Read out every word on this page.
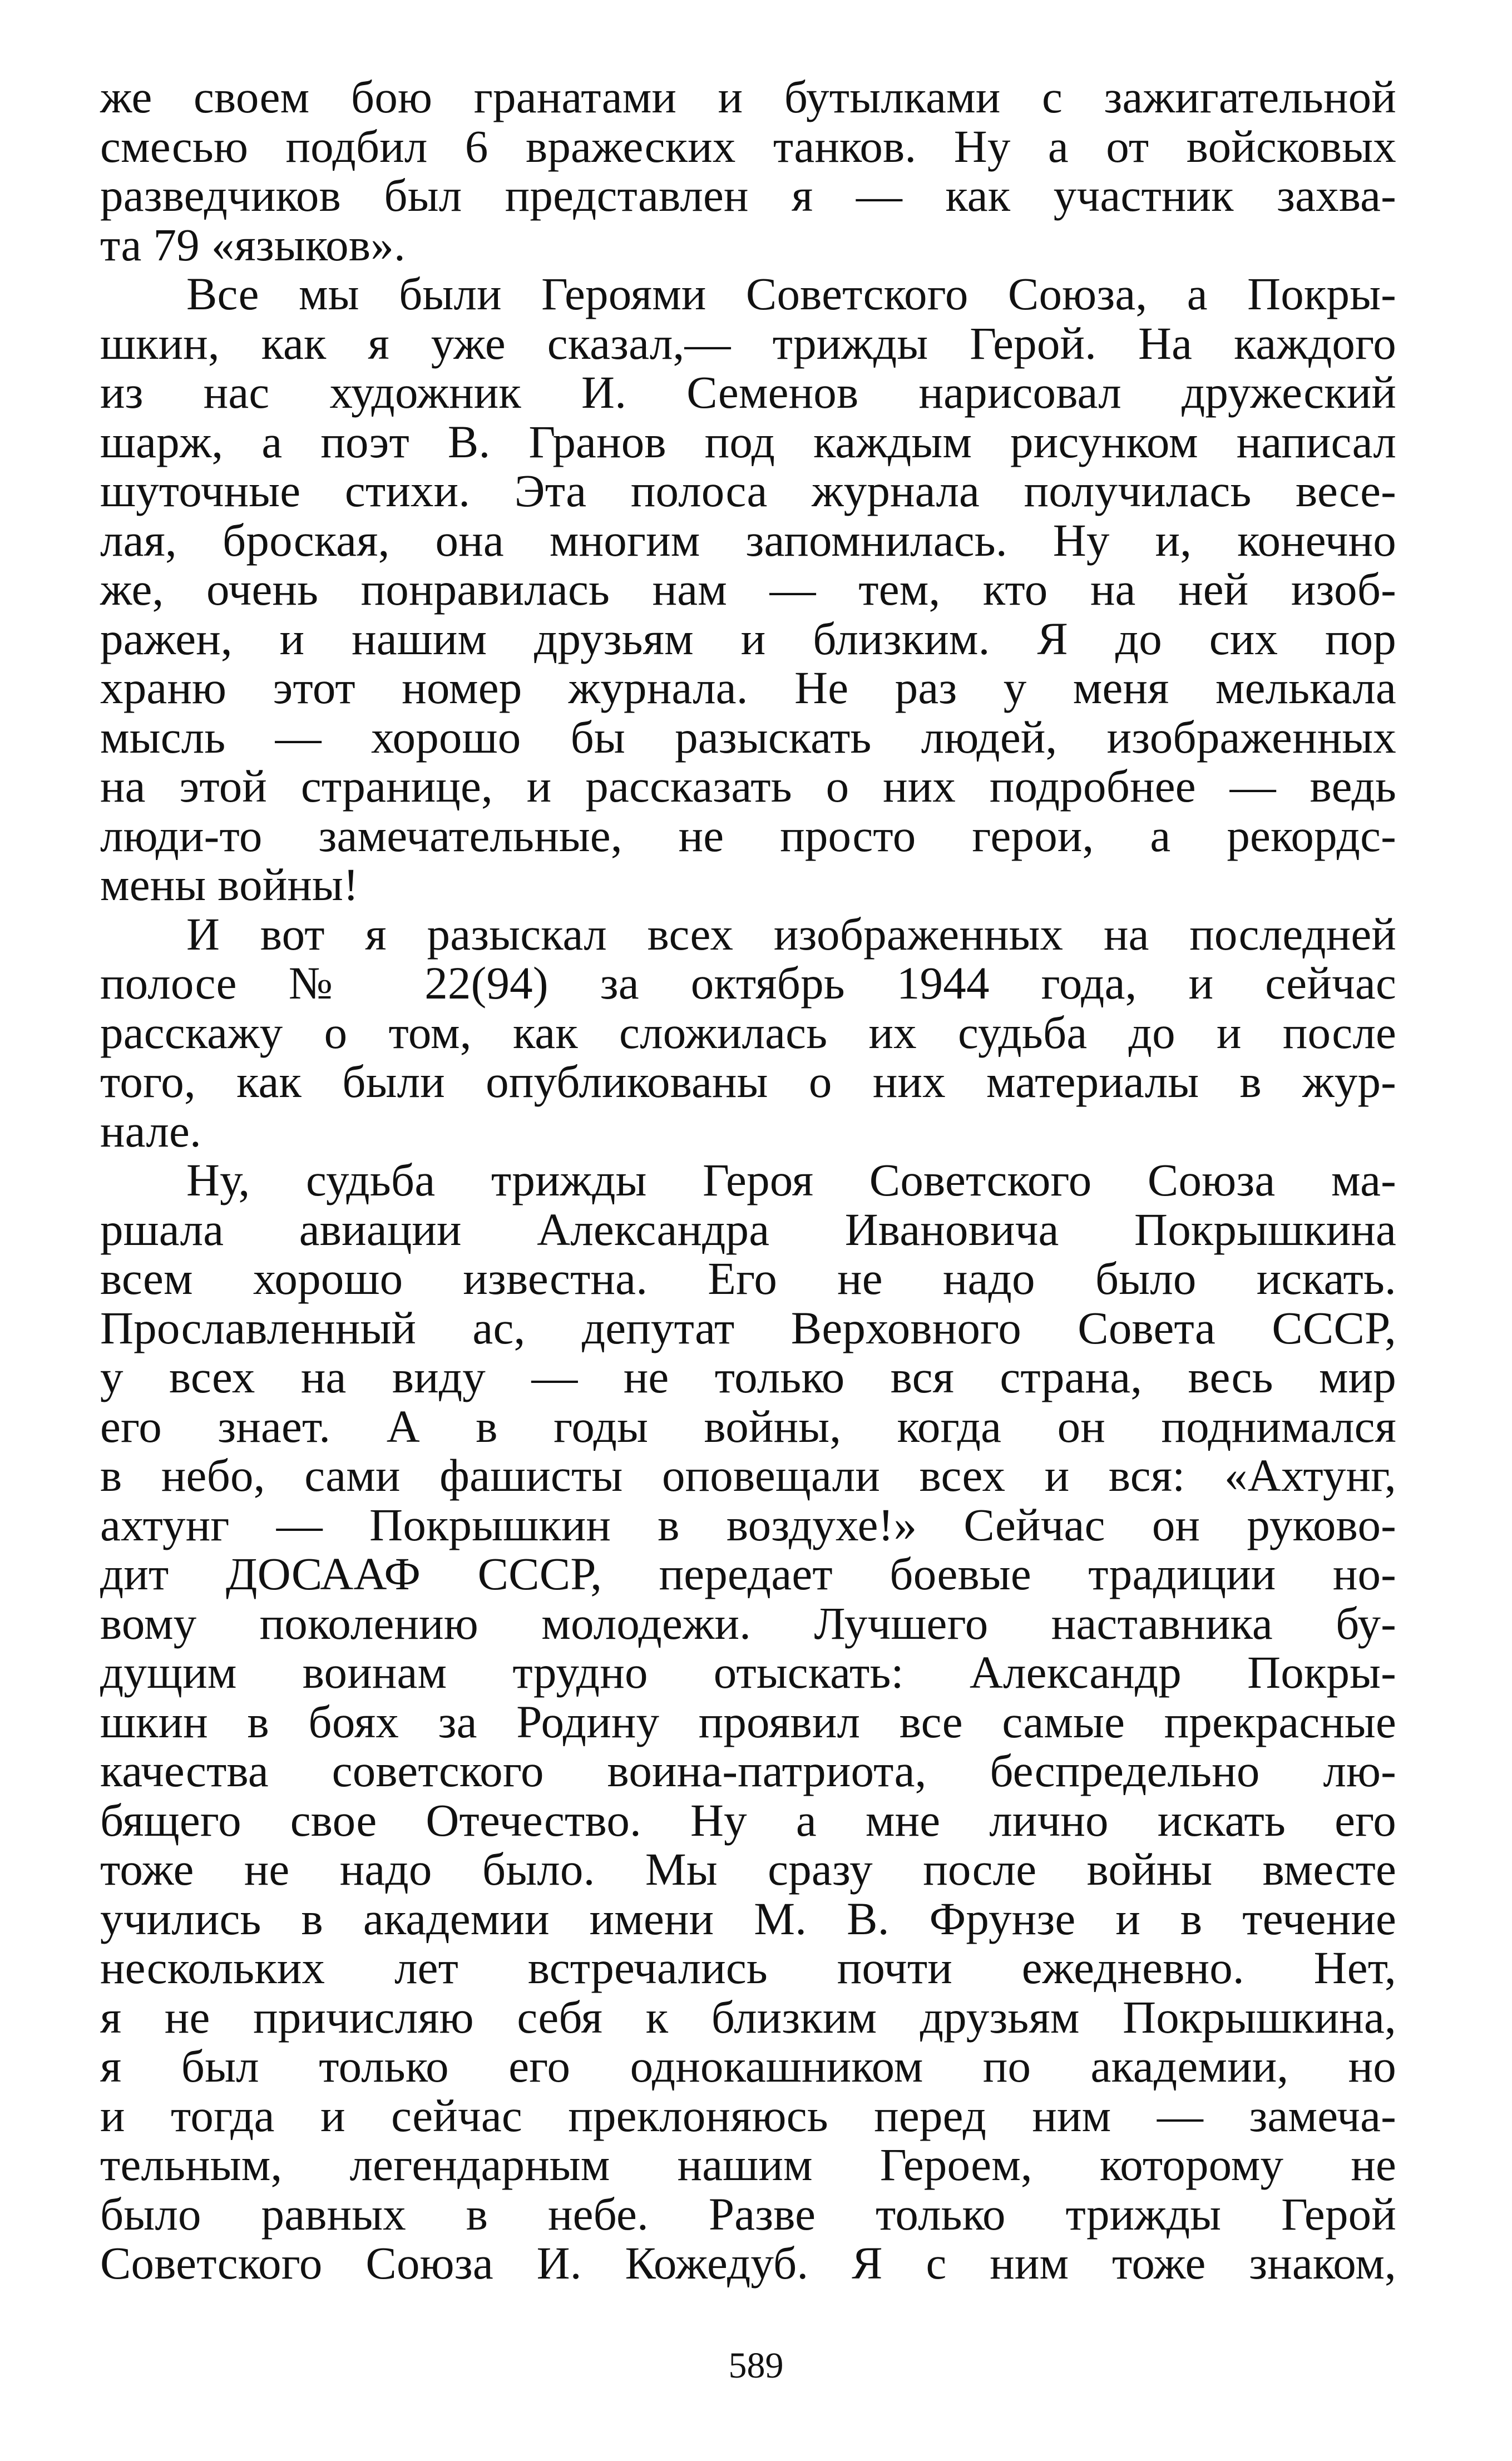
же своем бою гранатами и бутылками с зажигательной
смесью подбил 6 вражеских танков. Ну а от войсковых
разведчиков был представлен я — как участник захва-
та 79 «языков».
Все мы были Героями Советского Союза, а Покры-
шкин, как я уже сказал,— трижды Герой. На каждого
из нас художник И. Семенов нарисовал дружеский
шарж, а поэт В. Гранов под каждым рисунком написал
шуточные стихи. Эта полоса журнала получилась весе-
лая, броская, она многим запомнилась. Ну и, конечно
же, очень понравилась нам — тем, кто на ней изоб-
ражен, и нашим друзьям и близким. Я до сих пор
храню этот номер журнала. Не раз у меня мелькала
мысль — хорошо бы разыскать людей, изображенных
на этой странице, и рассказать о них подробнее — ведь
люди-то замечательные, не просто герои, а рекордс-
мены войны!
И вот я разыскал всех изображенных на последней
полосе № 22(94) за октябрь 1944 года, и сейчас
расскажу о том, как сложилась их судьба до и после
того, как были опубликованы о них материалы в жур-
нале.
Ну, судьба трижды Героя Советского Союза ма-
ршала авиации Александра Ивановича Покрышкина
всем хорошо известна. Его не надо было искать.
Прославленный ас, депутат Верховного Совета СССР,
у всех на виду — не только вся страна, весь мир
его знает. А в годы войны, когда он поднимался
в небо, сами фашисты оповещали всех и вся: «Ахтунг,
ахтунг — Покрышкин в воздухе!» Сейчас он руково-
дит ДОСААФ СССР, передает боевые традиции но-
вому поколению молодежи. Лучшего наставника бу-
дущим воинам трудно отыскать: Александр Покры-
шкин в боях за Родину проявил все самые прекрасные
качества советского воина-патриота, беспредельно лю-
бящего свое Отечество. Ну а мне лично искать его
тоже не надо было. Мы сразу после войны вместе
учились в академии имени М. В. Фрунзе и в течение
нескольких лет встречались почти ежедневно. Нет,
я не причисляю себя к близким друзьям Покрышкина,
я был только его однокашником по академии, но
и тогда и сейчас преклоняюсь перед ним — замеча-
тельным, легендарным нашим Героем, которому не
было равных в небе. Разве только трижды Герой
Советского Союза И. Кожедуб. Я с ним тоже знаком,
589
